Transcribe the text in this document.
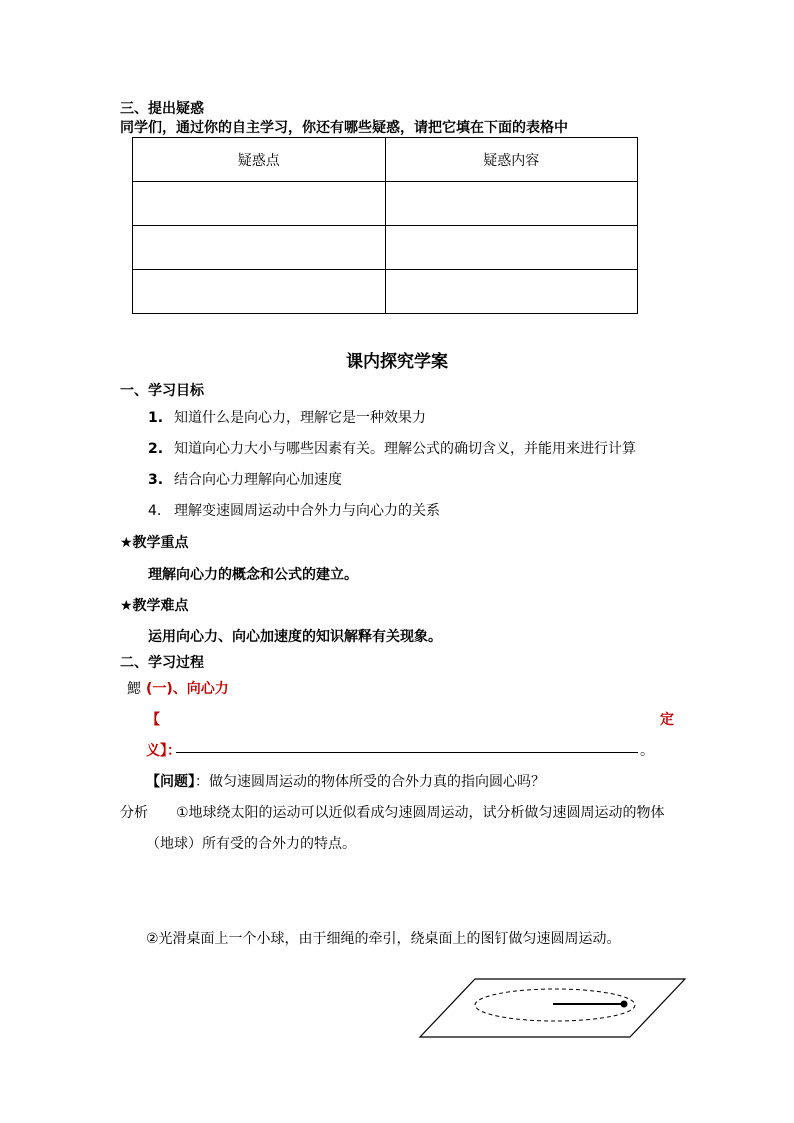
三、提出疑惑
同学们，通过你的自主学习，你还有哪些疑惑，请把它填在下面的表格中
疑惑点	疑惑内容

课内探究学案
一、学习目标
1. 知道什么是向心力，理解它是一种效果力
2. 知道向心力大小与哪些因素有关。理解公式的确切含义，并能用来进行计算
3. 结合向心力理解向心加速度
4. 理解变速圆周运动中合外力与向心力的关系
★教学重点
理解向心力的概念和公式的建立。
★教学难点
运用向心力、向心加速度的知识解释有关现象。
二、学习过程
鰓 (一)、向心力
【	定
义】：	。
【问题】：做匀速圆周运动的物体所受的合外力真的指向圆心吗？
分析 ①地球绕太阳的运动可以近似看成匀速圆周运动，试分析做匀速圆周运动的物体
（地球）所有受的合外力的特点。
②光滑桌面上一个小球，由于细绳的牵引，绕桌面上的图钉做匀速圆周运动。
